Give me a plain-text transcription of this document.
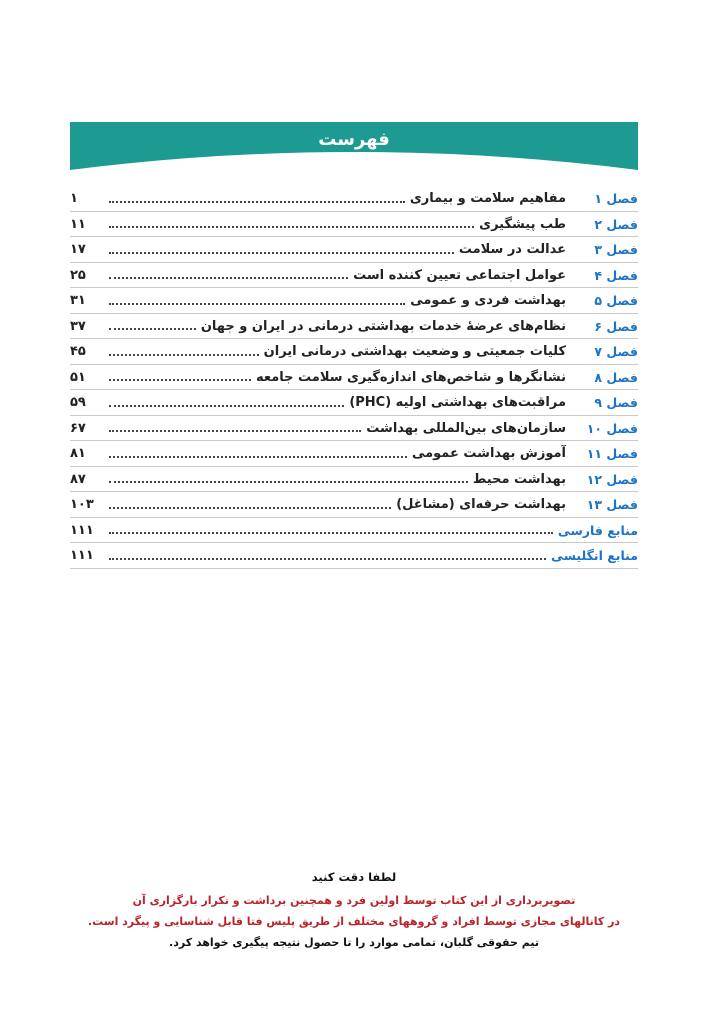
فهرست
فصل ۱
مفاهیم سلامت و بیماری
۱
فصل ۲
طب پیشگیری
۱۱
فصل ۳
عدالت در سلامت
۱۷
فصل ۴
عوامل اجتماعی تعیین کننده است
۲۵
فصل ۵
بهداشت فردی و عمومی
۳۱
فصل ۶
نظام‌های عرضهٔ خدمات بهداشتی درمانی در ایران و جهان
۳۷
فصل ۷
کلیات جمعیتی و وضعیت بهداشتی درمانی ایران
۴۵
فصل ۸
نشانگرها و شاخص‌های اندازه‌گیری سلامت جامعه
۵۱
فصل ۹
مراقبت‌های بهداشتی اولیه (PHC)
۵۹
فصل ۱۰
سازمان‌های بین‌المللی بهداشت
۶۷
فصل ۱۱
آموزش بهداشت عمومی
۸۱
فصل ۱۲
بهداشت محیط
۸۷
فصل ۱۳
بهداشت حرفه‌ای (مشاغل)
۱۰۳
منابع فارسی
۱۱۱
منابع انگلیسی
۱۱۱
لطفا دقت کنید
تصویربرداری از این کتاب توسط اولین فرد و همچنین برداشت و تکرار بارگزاری آن
در کانالهای مجازی توسط افراد و گروههای مختلف از طریق پلیس فتا قابل شناسایی و پیگرد است.
تیم حقوقی گلبان، تمامی موارد را تا حصول نتیجه پیگیری خواهد کرد.
